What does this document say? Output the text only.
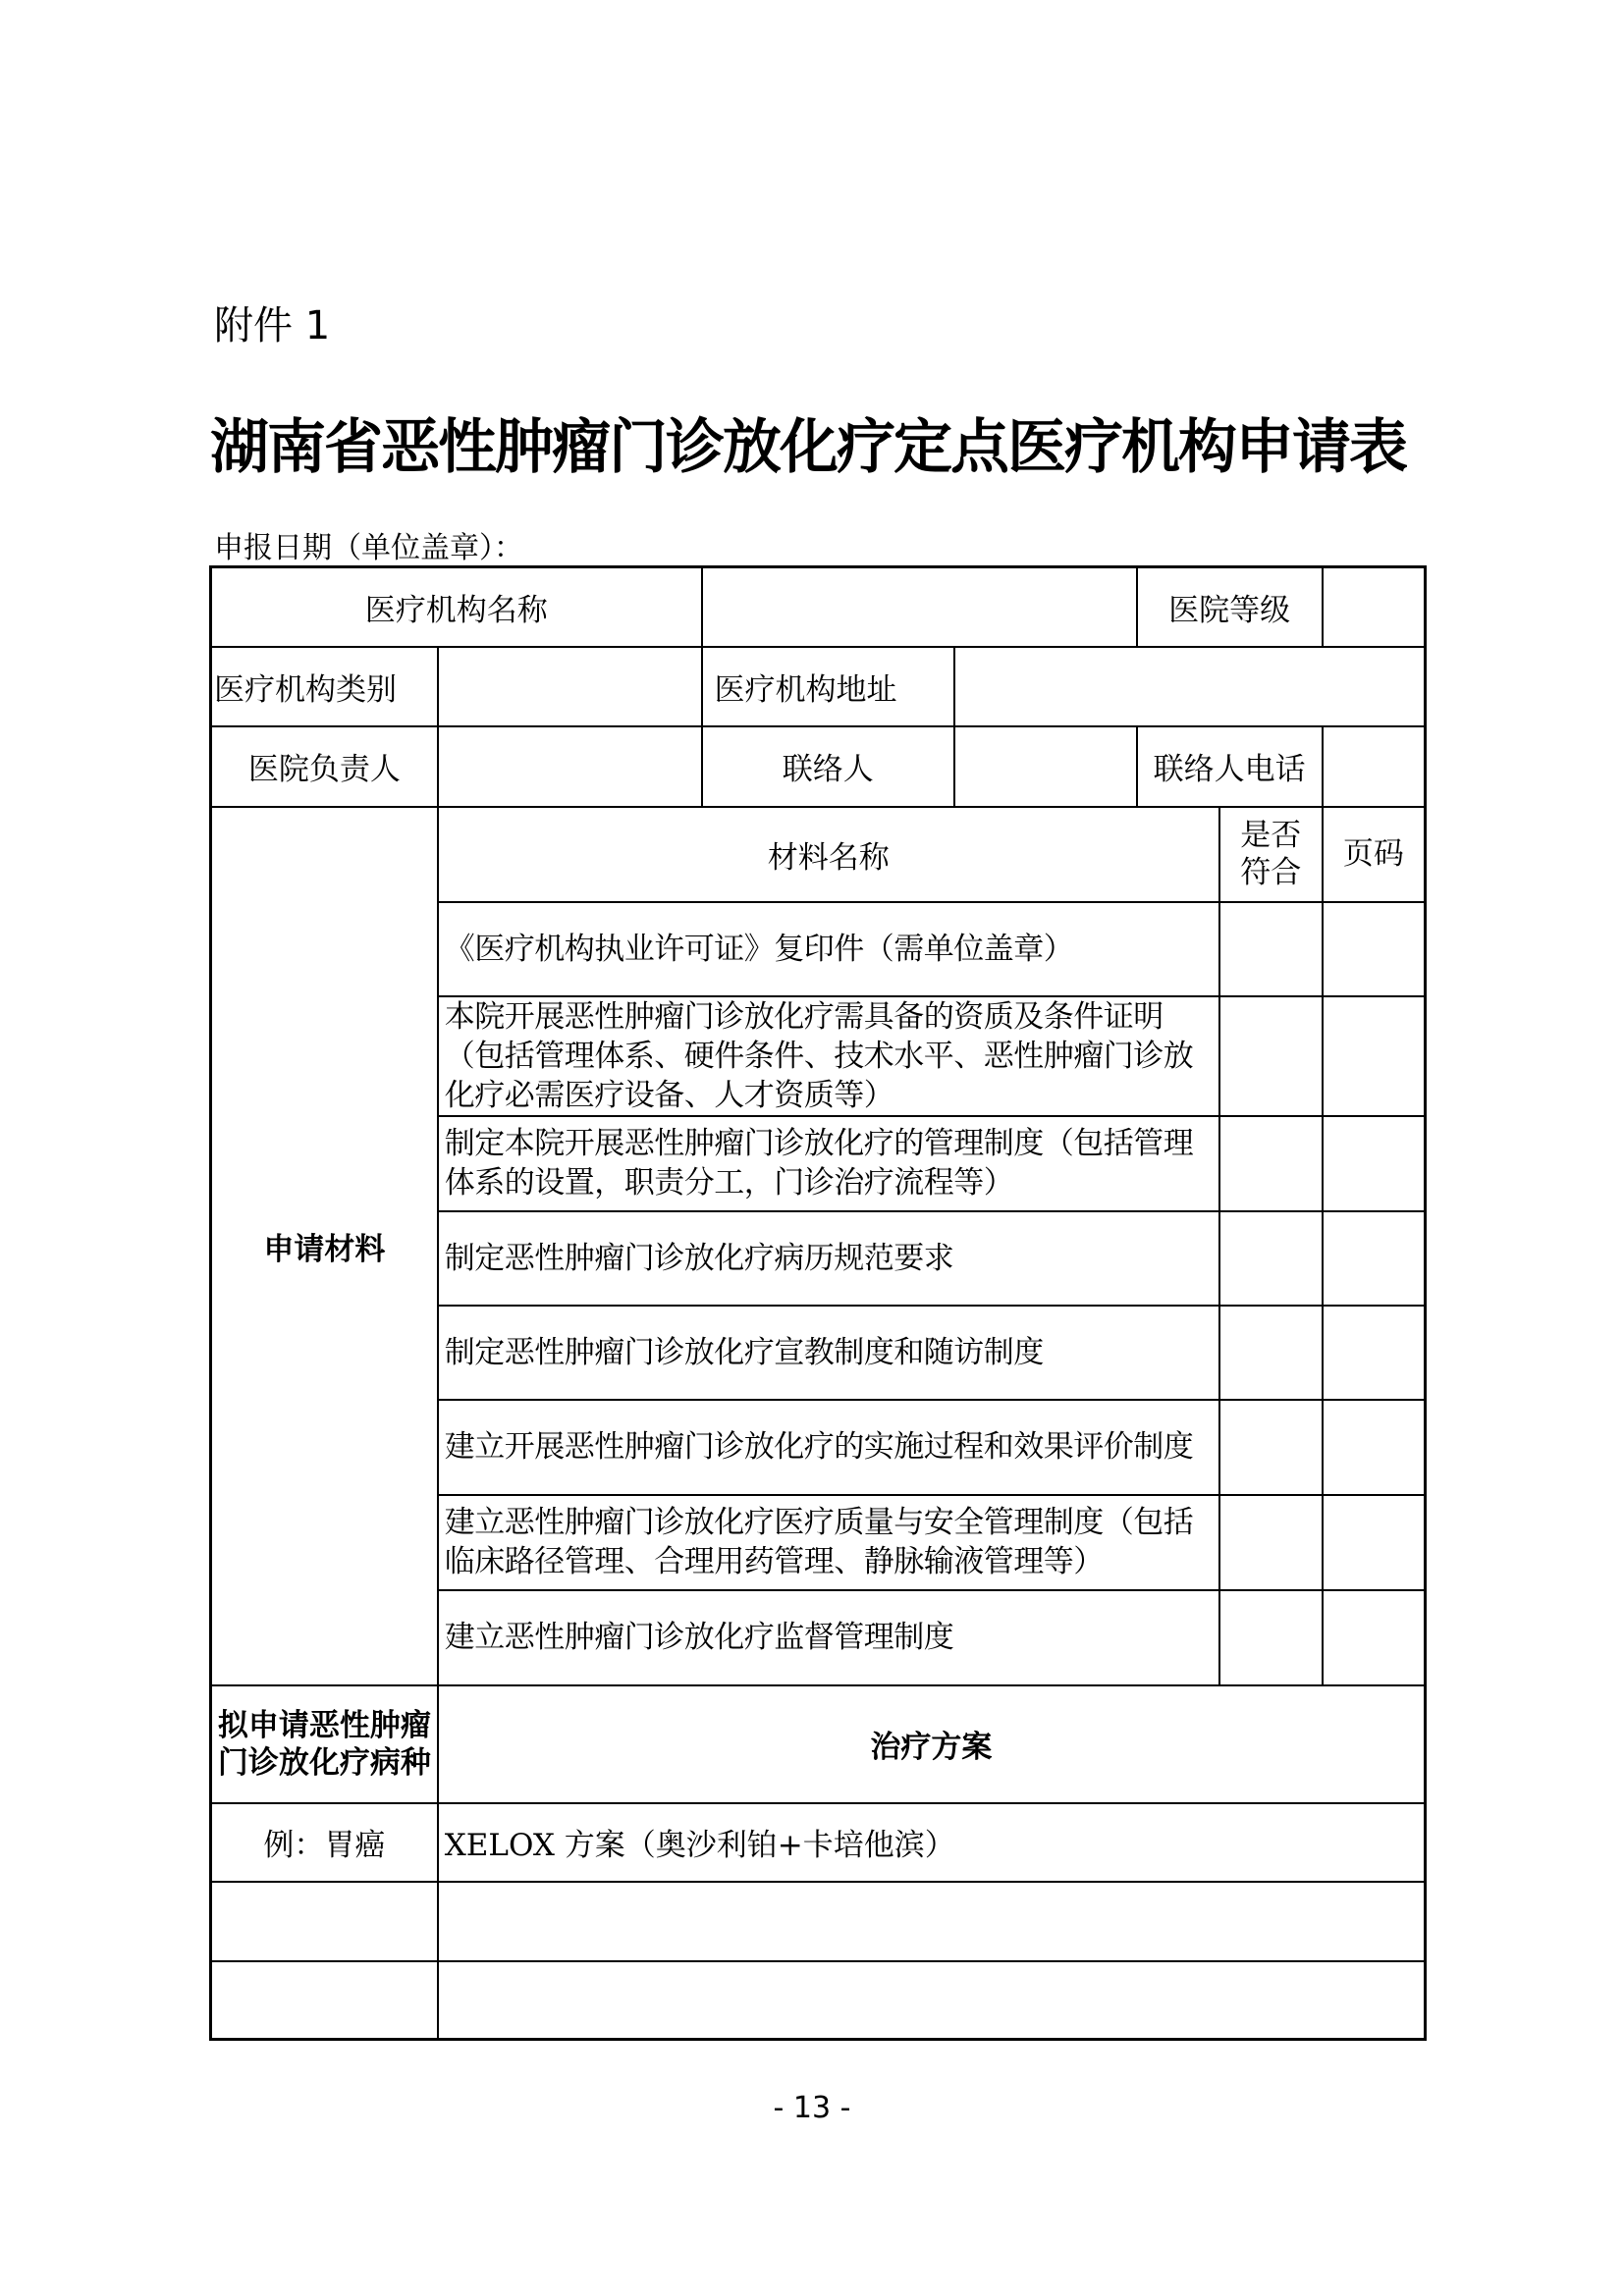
附件 1
湖南省恶性肿瘤门诊放化疗定点医疗机构申请表
申报日期（单位盖章）：
医疗机构名称				医院等级		
医疗机构类别		医疗机构地址				
医院负责人		联络人		联络人电话		
申请材料	材料名称				是否符合	页码
	《医疗机构执业许可证》复印件（需单位盖章）					
	本院开展恶性肿瘤门诊放化疗需具备的资质及条件证明（包括管理体系、硬件条件、技术水平、恶性肿瘤门诊放化疗必需医疗设备、人才资质等）					
	制定本院开展恶性肿瘤门诊放化疗的管理制度（包括管理体系的设置，职责分工，门诊治疗流程等）					
	制定恶性肿瘤门诊放化疗病历规范要求					
	制定恶性肿瘤门诊放化疗宣教制度和随访制度					
	建立开展恶性肿瘤门诊放化疗的实施过程和效果评价制度					
	建立恶性肿瘤门诊放化疗医疗质量与安全管理制度（包括临床路径管理、合理用药管理、静脉输液管理等）					
	建立恶性肿瘤门诊放化疗监督管理制度					
拟申请恶性肿瘤门诊放化疗病种	治疗方案					
例：胃癌	XELOX 方案（奥沙利铂+卡培他滨）					

- 13 -
